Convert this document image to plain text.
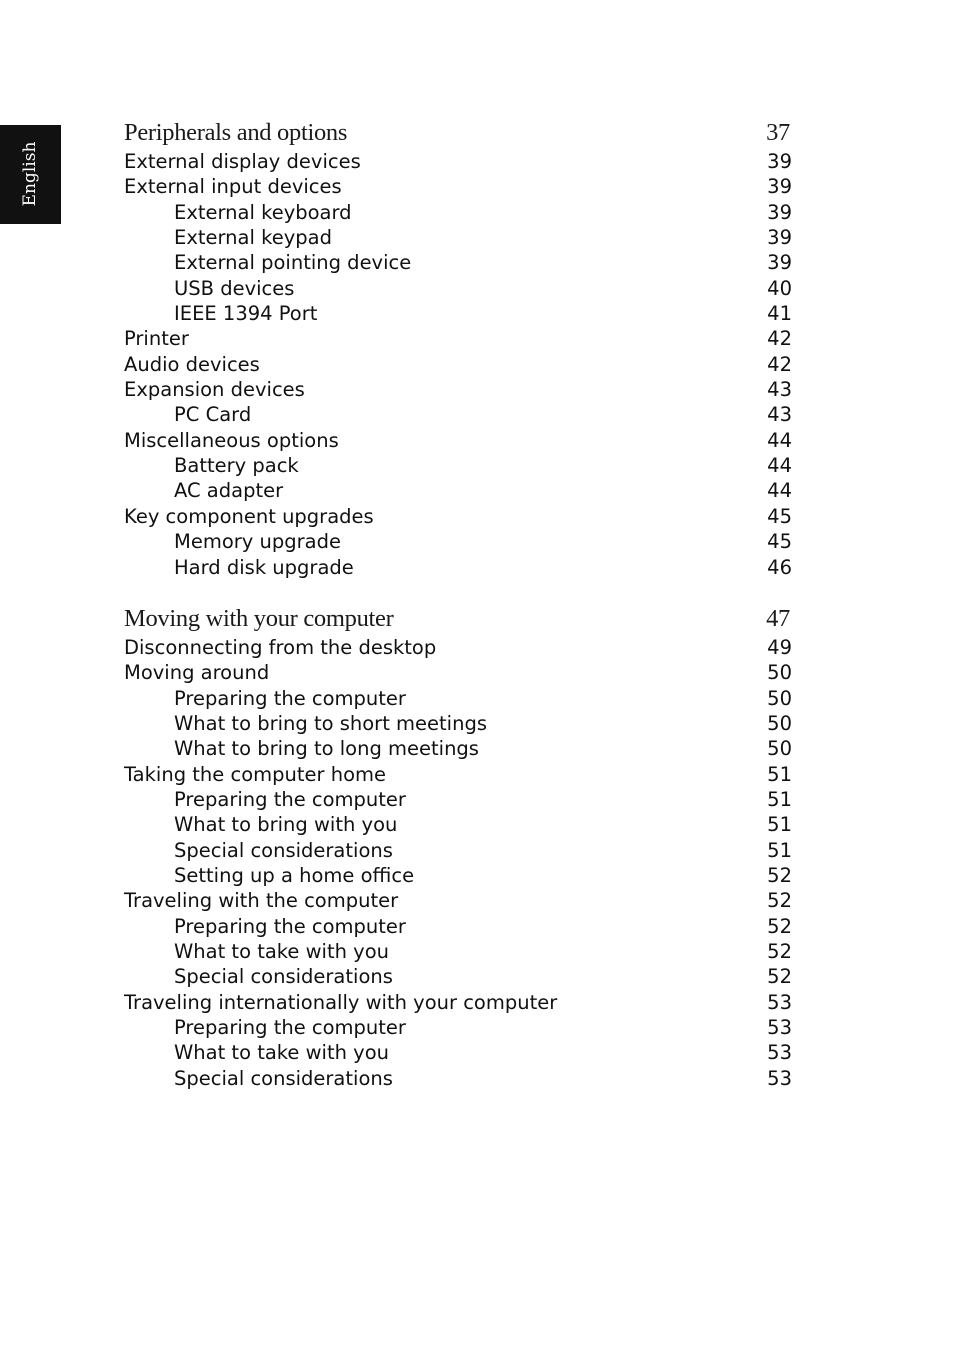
English
Peripherals and options	37
External display devices	39
External input devices	39
External keyboard	39
External keypad	39
External pointing device	39
USB devices	40
IEEE 1394 Port	41
Printer	42
Audio devices	42
Expansion devices	43
PC Card	43
Miscellaneous options	44
Battery pack	44
AC adapter	44
Key component upgrades	45
Memory upgrade	45
Hard disk upgrade	46
Moving with your computer	47
Disconnecting from the desktop	49
Moving around	50
Preparing the computer	50
What to bring to short meetings	50
What to bring to long meetings	50
Taking the computer home	51
Preparing the computer	51
What to bring with you	51
Special considerations	51
Setting up a home office	52
Traveling with the computer	52
Preparing the computer	52
What to take with you	52
Special considerations	52
Traveling internationally with your computer	53
Preparing the computer	53
What to take with you	53
Special considerations	53
